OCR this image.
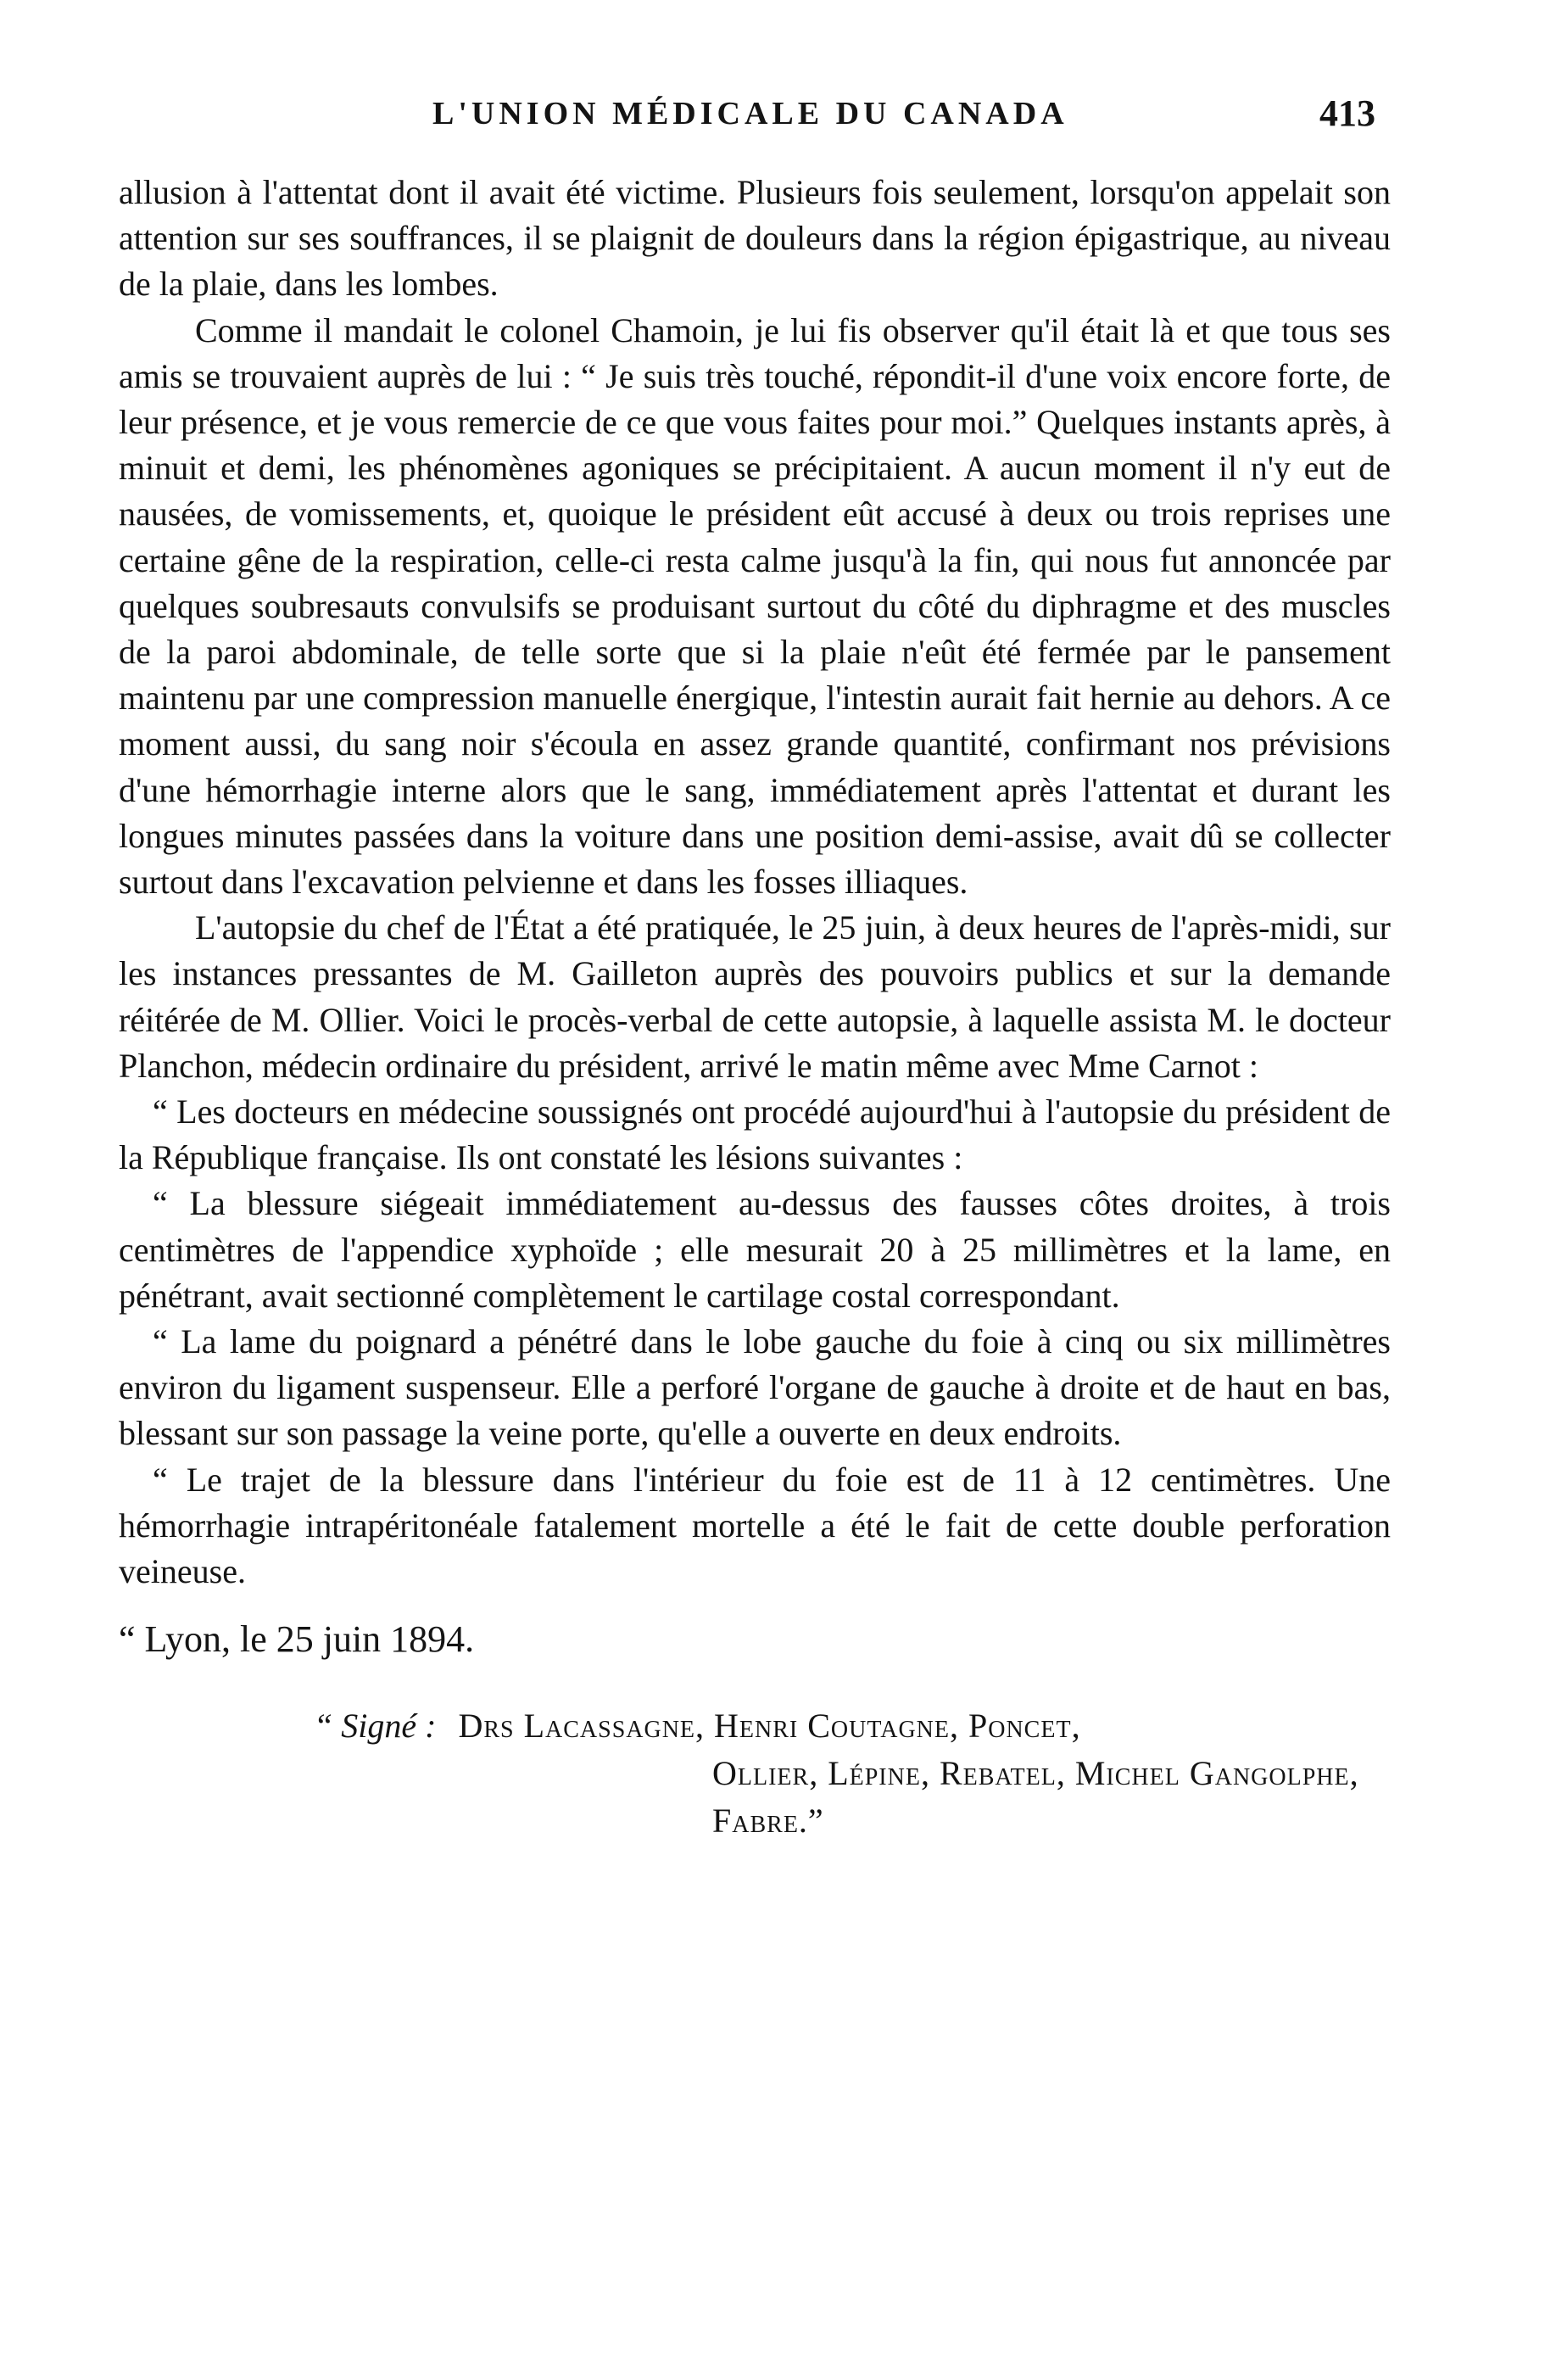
L'UNION MÉDICALE DU CANADA	413

allusion à l'attentat dont il avait été victime. Plusieurs fois seulement, lorsqu'on appelait son attention sur ses souffrances, il se plaignit de douleurs dans la région épigastrique, au niveau de la plaie, dans les lombes.

Comme il mandait le colonel Chamoin, je lui fis observer qu'il était là et que tous ses amis se trouvaient auprès de lui : “ Je suis très touché, répondit-il d'une voix encore forte, de leur présence, et je vous remercie de ce que vous faites pour moi.” Quelques instants après, à minuit et demi, les phénomènes agoniques se précipitaient. A aucun moment il n'y eut de nausées, de vomissements, et, quoique le président eût accusé à deux ou trois reprises une certaine gêne de la respiration, celle-ci resta calme jusqu'à la fin, qui nous fut annoncée par quelques soubresauts convulsifs se produisant surtout du côté du diphragme et des muscles de la paroi abdominale, de telle sorte que si la plaie n'eût été fermée par le pansement maintenu par une compression manuelle énergique, l'intestin aurait fait hernie au dehors. A ce moment aussi, du sang noir s'écoula en assez grande quantité, confirmant nos prévisions d'une hémorrhagie interne alors que le sang, immédiatement après l'attentat et durant les longues minutes passées dans la voiture dans une position demi-assise, avait dû se collecter surtout dans l'excavation pelvienne et dans les fosses illiaques.

L'autopsie du chef de l'État a été pratiquée, le 25 juin, à deux heures de l'après-midi, sur les instances pressantes de M. Gailleton auprès des pouvoirs publics et sur la demande réitérée de M. Ollier. Voici le procès-verbal de cette autopsie, à laquelle assista M. le docteur Planchon, médecin ordinaire du président, arrivé le matin même avec Mme Carnot :

“ Les docteurs en médecine soussignés ont procédé aujourd'hui à l'autopsie du président de la République française. Ils ont constaté les lésions suivantes :

“ La blessure siégeait immédiatement au-dessus des fausses côtes droites, à trois centimètres de l'appendice xyphoïde ; elle mesurait 20 à 25 millimètres et la lame, en pénétrant, avait sectionné complètement le cartilage costal correspondant.

“ La lame du poignard a pénétré dans le lobe gauche du foie à cinq ou six millimètres environ du ligament suspenseur. Elle a perforé l'organe de gauche à droite et de haut en bas, blessant sur son passage la veine porte, qu'elle a ouverte en deux endroits.

“ Le trajet de la blessure dans l'intérieur du foie est de 11 à 12 centimètres. Une hémorrhagie intrapéritonéale fatalement mortelle a été le fait de cette double perforation veineuse.

“ Lyon, le 25 juin 1894.

“ Signé : Drs Lacassagne, Henri Coutagne, Poncet,
Ollier, Lépine, Rebatel, Michel Gangolphe, Fabre.”
